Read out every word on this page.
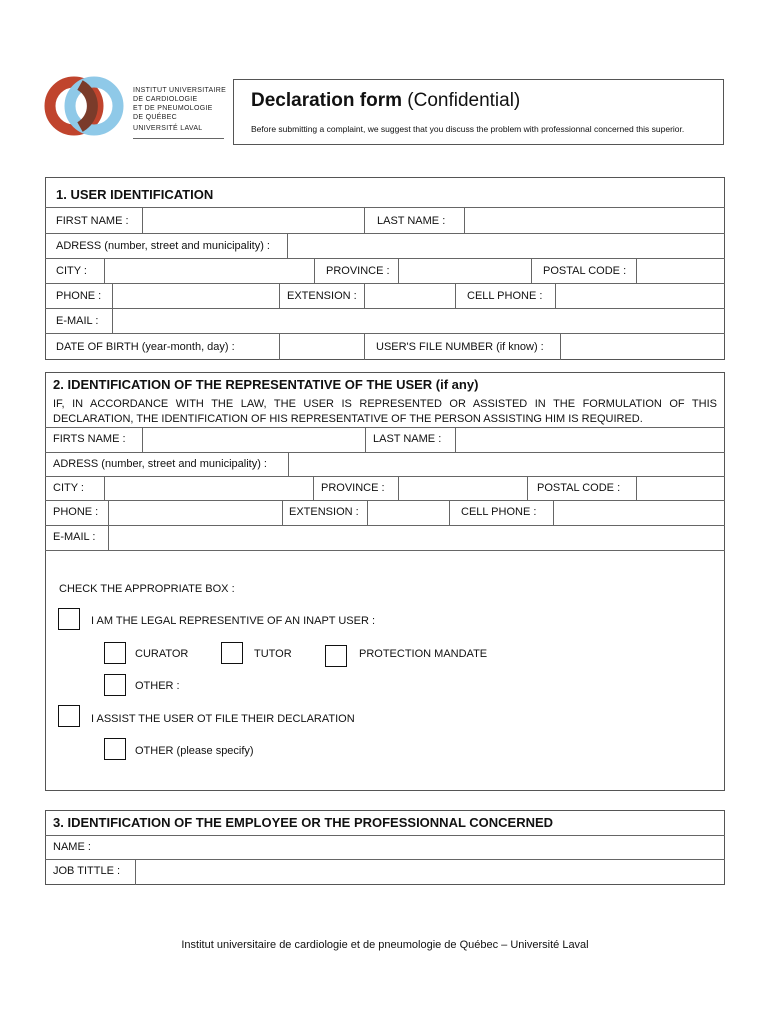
INSTITUT UNIVERSITAIRE
DE CARDIOLOGIE
ET DE PNEUMOLOGIE
DE QUÉBEC
UNIVERSITÉ LAVAL
Declaration form (Confidential)
Before submitting a complaint, we suggest that you discuss the problem with professionnal concerned this superior.
1. USER IDENTIFICATION
FIRST NAME :	LAST NAME :
ADRESS (number, street and municipality) :
CITY :	PROVINCE :	POSTAL CODE :
PHONE :	EXTENSION :	CELL PHONE :
E-MAIL :
DATE OF BIRTH (year-month, day) :	USER'S FILE NUMBER (if know) :
2. IDENTIFICATION OF THE REPRESENTATIVE OF THE USER (if any)
IF, IN ACCORDANCE WITH THE LAW, THE USER IS REPRESENTED OR ASSISTED IN THE FORMULATION OF THIS DECLARATION, THE IDENTIFICATION OF HIS REPRESENTATIVE OF THE PERSON ASSISTING HIM IS REQUIRED.
FIRTS NAME :	LAST NAME :
ADRESS (number, street and municipality) :
CITY :	PROVINCE :	POSTAL CODE :
PHONE :	EXTENSION :	CELL PHONE :
E-MAIL :
CHECK THE APPROPRIATE BOX :
I AM THE LEGAL REPRESENTIVE OF AN INAPT USER :
CURATOR	TUTOR	PROTECTION MANDATE
OTHER :
I ASSIST THE USER OT FILE THEIR DECLARATION
OTHER (please specify)
3. IDENTIFICATION OF THE EMPLOYEE OR THE PROFESSIONNAL CONCERNED
NAME :
JOB TITTLE :
Institut universitaire de cardiologie et de pneumologie de Québec – Université Laval
